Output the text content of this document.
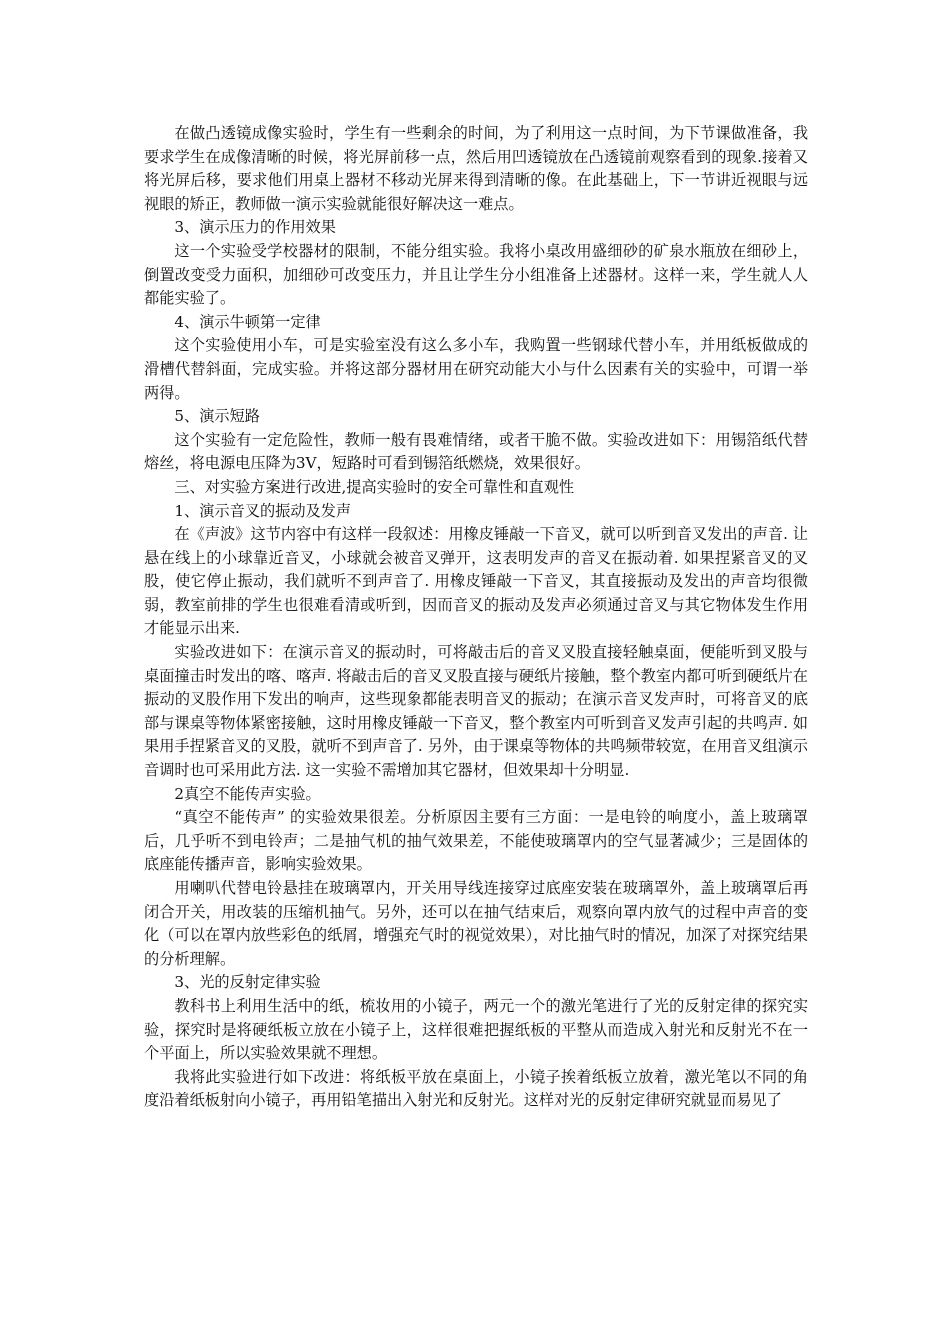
在做凸透镜成像实验时，学生有一些剩余的时间，为了利用这一点时间，为下节课做准备，我要求学生在成像清晰的时候，将光屏前移一点，然后用凹透镜放在凸透镜前观察看到的现象.接着又将光屏后移，要求他们用桌上器材不移动光屏来得到清晰的像。在此基础上，下一节讲近视眼与远视眼的矫正，教师做一演示实验就能很好解决这一难点。

3、演示压力的作用效果

这一个实验受学校器材的限制，不能分组实验。我将小桌改用盛细砂的矿泉水瓶放在细砂上，倒置改变受力面积，加细砂可改变压力，并且让学生分小组准备上述器材。这样一来，学生就人人都能实验了。

4、演示牛顿第一定律

这个实验使用小车，可是实验室没有这么多小车，我购置一些钢球代替小车，并用纸板做成的滑槽代替斜面，完成实验。并将这部分器材用在研究动能大小与什么因素有关的实验中，可谓一举两得。

5、演示短路

这个实验有一定危险性，教师一般有畏难情绪，或者干脆不做。实验改进如下：用锡箔纸代替熔丝，将电源电压降为3V，短路时可看到锡箔纸燃烧，效果很好。

三、对实验方案进行改进,提高实验时的安全可靠性和直观性

1、演示音叉的振动及发声

在《声波》这节内容中有这样一段叙述：用橡皮锤敲一下音叉，就可以听到音叉发出的声音. 让悬在线上的小球靠近音叉，小球就会被音叉弹开，这表明发声的音叉在振动着. 如果捏紧音叉的叉股，使它停止振动，我们就听不到声音了. 用橡皮锤敲一下音叉，其直接振动及发出的声音均很微弱，教室前排的学生也很难看清或听到，因而音叉的振动及发声必须通过音叉与其它物体发生作用才能显示出来.

实验改进如下：在演示音叉的振动时，可将敲击后的音叉叉股直接轻触桌面，便能听到叉股与桌面撞击时发出的喀、喀声. 将敲击后的音叉叉股直接与硬纸片接触，整个教室内都可听到硬纸片在振动的叉股作用下发出的响声，这些现象都能表明音叉的振动；在演示音叉发声时，可将音叉的底部与课桌等物体紧密接触，这时用橡皮锤敲一下音叉，整个教室内可听到音叉发声引起的共鸣声. 如果用手捏紧音叉的叉股，就听不到声音了. 另外，由于课桌等物体的共鸣频带较宽，在用音叉组演示音调时也可采用此方法. 这一实验不需增加其它器材，但效果却十分明显.

2真空不能传声实验。

“真空不能传声” 的实验效果很差。分析原因主要有三方面：一是电铃的响度小，盖上玻璃罩后，几乎听不到电铃声；二是抽气机的抽气效果差，不能使玻璃罩内的空气显著减少；三是固体的底座能传播声音，影响实验效果。

用喇叭代替电铃悬挂在玻璃罩内，开关用导线连接穿过底座安装在玻璃罩外，盖上玻璃罩后再闭合开关，用改装的压缩机抽气。另外，还可以在抽气结束后，观察向罩内放气的过程中声音的变化（可以在罩内放些彩色的纸屑，增强充气时的视觉效果），对比抽气时的情况，加深了对探究结果的分析理解。

3、光的反射定律实验

教科书上利用生活中的纸，梳妆用的小镜子，两元一个的激光笔进行了光的反射定律的探究实验，探究时是将硬纸板立放在小镜子上，这样很难把握纸板的平整从而造成入射光和反射光不在一个平面上，所以实验效果就不理想。

我将此实验进行如下改进：将纸板平放在桌面上，小镜子挨着纸板立放着，激光笔以不同的角度沿着纸板射向小镜子，再用铅笔描出入射光和反射光。这样对光的反射定律研究就显而易见了
